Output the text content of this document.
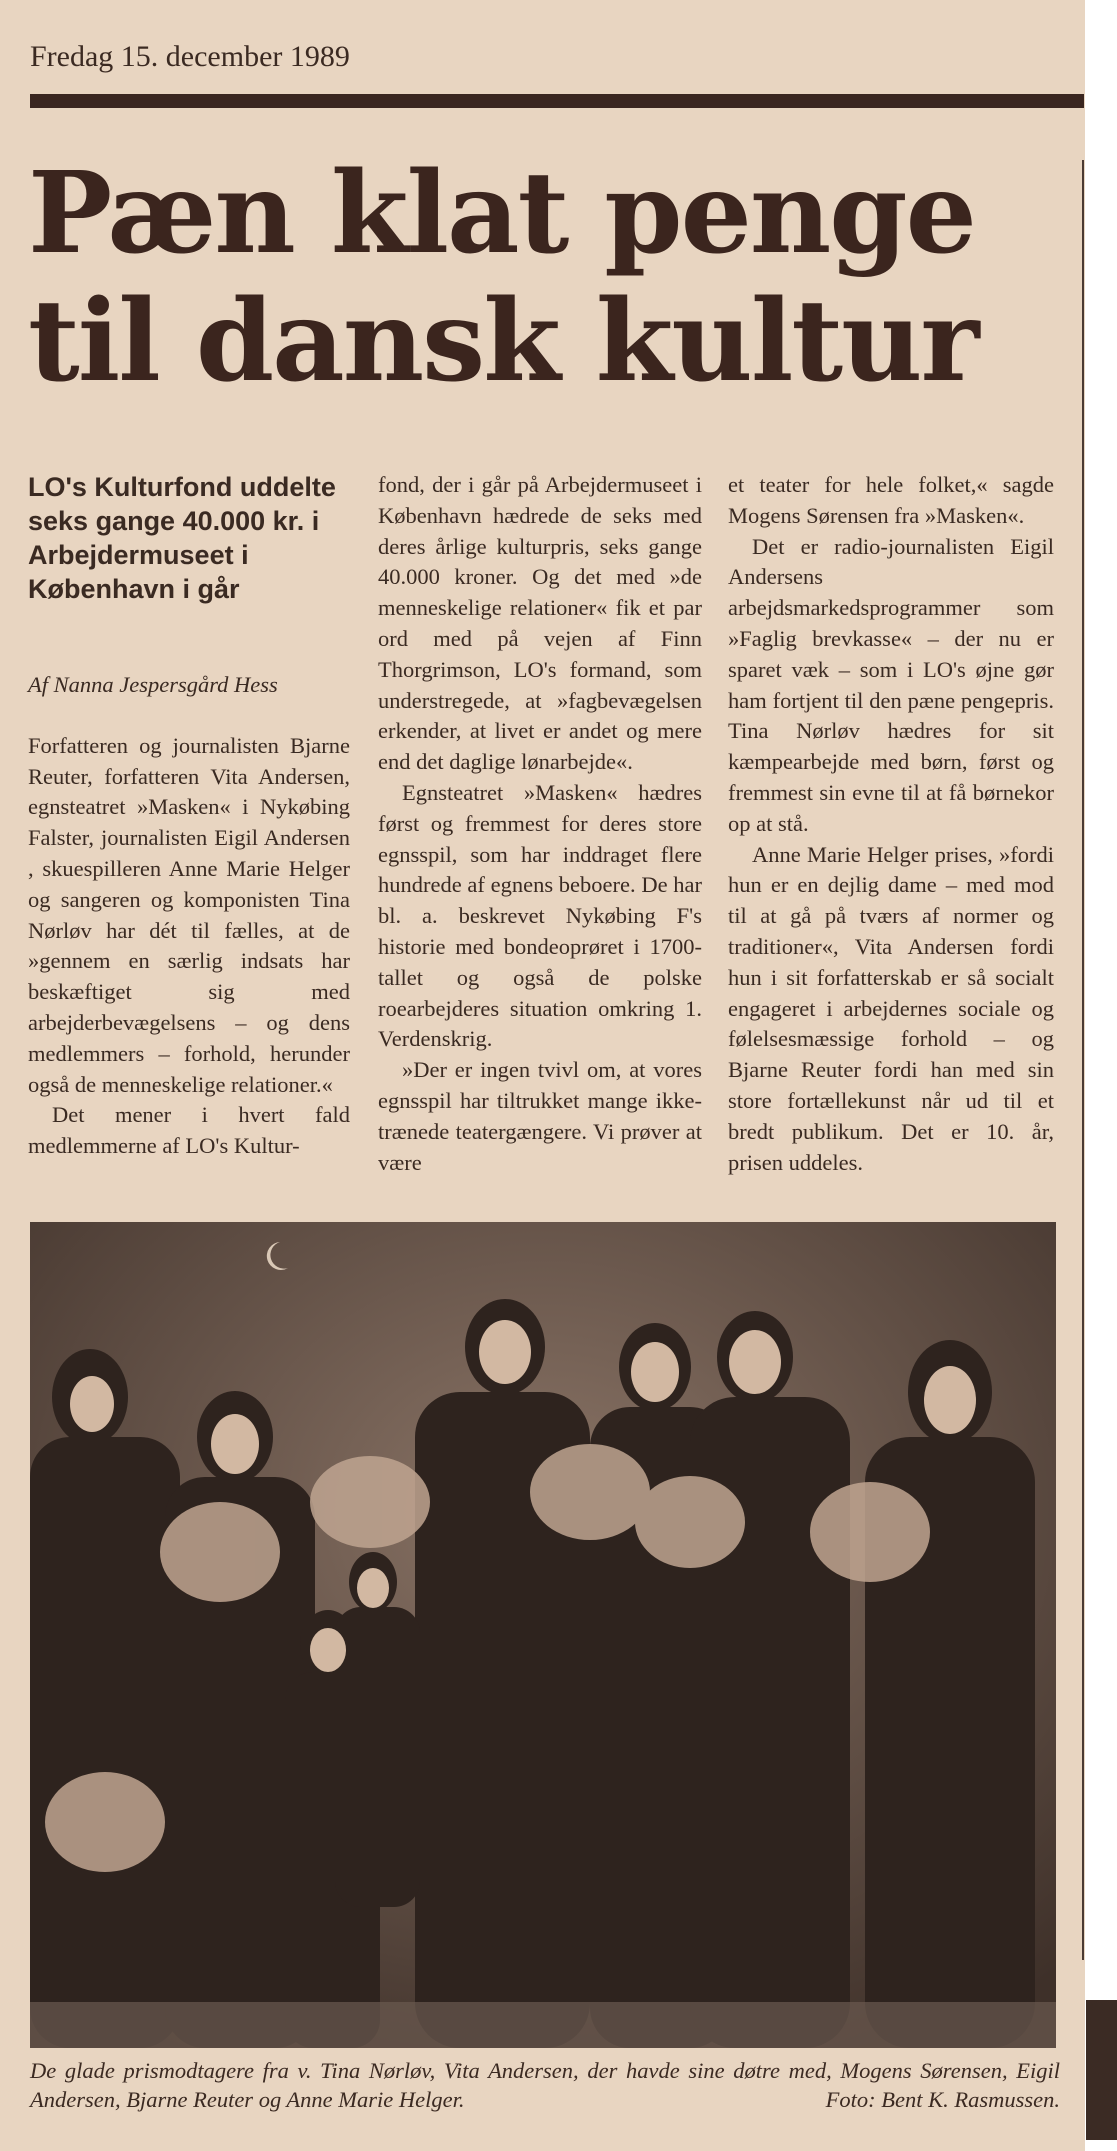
Fredag 15. december 1989
Pæn klat penge
til dansk kultur
LO's Kulturfond uddelte seks gange 40.000 kr. i Arbejdermuseet i København i går
Af Nanna Jespersgård Hess

Forfatteren og journalisten Bjarne Reuter, forfatteren Vita Andersen, egnsteatret »Masken« i Nykøbing Falster, journalisten Eigil Andersen , skuespilleren Anne Marie Helger og sangeren og komponisten Tina Nørløv har dét til fælles, at de »gennem en særlig indsats har beskæftiget sig med arbejderbevægelsens – og dens medlemmers – forhold, herunder også de menneskelige relationer.«

Det mener i hvert fald medlemmerne af LO's Kultur-

fond, der i går på Arbejdermuseet i København hædrede de seks med deres årlige kulturpris, seks gange 40.000 kroner. Og det med »de menneskelige relationer« fik et par ord med på vejen af Finn Thorgrimson, LO's formand, som understregede, at »fagbevægelsen erkender, at livet er andet og mere end det daglige lønarbejde«.

Egnsteatret »Masken« hædres først og fremmest for deres store egnsspil, som har inddraget flere hundrede af egnens beboere. De har bl. a. beskrevet Nykøbing F's historie med bondeoprøret i 1700-tallet og også de polske roearbejderes situation omkring 1. Verdenskrig.

»Der er ingen tvivl om, at vores egnsspil har tiltrukket mange ikke-trænede teatergængere. Vi prøver at være

et teater for hele folket,« sagde Mogens Sørensen fra »Masken«.

Det er radio-journalisten Eigil Andersens arbejdsmarkedsprogrammer som »Faglig brevkasse« – der nu er sparet væk – som i LO's øjne gør ham fortjent til den pæne pengepris. Tina Nørløv hædres for sit kæmpearbejde med børn, først og fremmest sin evne til at få børnekor op at stå.

Anne Marie Helger prises, »fordi hun er en dejlig dame – med mod til at gå på tværs af normer og traditioner«, Vita Andersen fordi hun i sit forfatterskab er så socialt engageret i arbejdernes sociale og følelsesmæssige forhold – og Bjarne Reuter fordi han med sin store fortællekunst når ud til et bredt publikum. Det er 10. år, prisen uddeles.

De glade prismodtagere fra v. Tina Nørløv, Vita Andersen, der havde sine døtre med, Mogens Sørensen, Eigil Andersen, Bjarne Reuter og Anne Marie Helger.	Foto: Bent K. Rasmussen.
